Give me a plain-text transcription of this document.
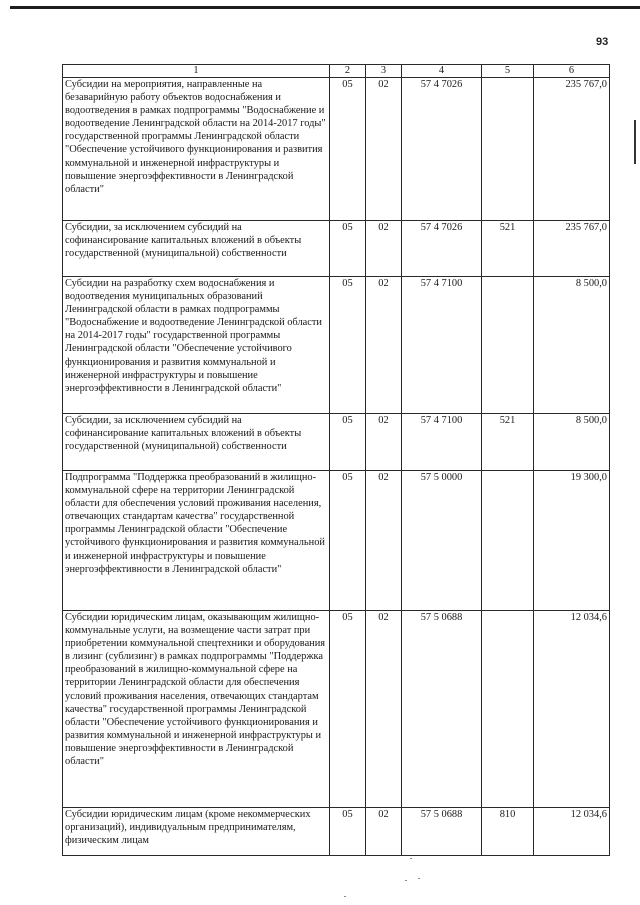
93
1	2	3	4	5	6
Субсидии на мероприятия, направленные на безаварийную работу объектов водоснабжения и водоотведения в рамках подпрограммы "Водоснабжение и водоотведение Ленинградской области на 2014-2017 годы" государственной программы Ленинградской области "Обеспечение устойчивого функционирования и развития коммунальной и инженерной инфраструктуры и повышение энергоэффективности в Ленинградской области"	05	02	57 4 7026		235 767,0
Субсидии, за исключением субсидий на софинансирование капитальных вложений в объекты государственной (муниципальной) собственности	05	02	57 4 7026	521	235 767,0
Субсидии на разработку схем водоснабжения и водоотведения муниципальных образований Ленинградской области в рамках подпрограммы "Водоснабжение и водоотведение Ленинградской области на 2014-2017 годы" государственной программы Ленинградской области "Обеспечение устойчивого функционирования и развития коммунальной и инженерной инфраструктуры и повышение энергоэффективности в Ленинградской области"	05	02	57 4 7100		8 500,0
Субсидии, за исключением субсидий на софинансирование капитальных вложений в объекты государственной (муниципальной) собственности	05	02	57 4 7100	521	8 500,0
Подпрограмма "Поддержка преобразований в жилищно-коммунальной сфере на территории Ленинградской области для обеспечения условий проживания населения, отвечающих стандартам качества" государственной программы Ленинградской области "Обеспечение устойчивого функционирования и развития коммунальной и инженерной инфраструктуры и повышение энергоэффективности в Ленинградской области"	05	02	57 5 0000		19 300,0
Субсидии юридическим лицам, оказывающим жилищно-коммунальные услуги, на возмещение части затрат при приобретении коммунальной спецтехники и оборудования в лизинг (сублизинг) в рамках подпрограммы "Поддержка преобразований в жилищно-коммунальной сфере на территории Ленинградской области для обеспечения условий проживания населения, отвечающих стандартам качества" государственной программы Ленинградской области "Обеспечение устойчивого функционирования и развития коммунальной и инженерной инфраструктуры и повышение энергоэффективности в Ленинградской области"	05	02	57 5 0688		12 034,6
Субсидии юридическим лицам (кроме некоммерческих организаций), индивидуальным предпринимателям, физическим лицам	05	02	57 5 0688	810	12 034,6
